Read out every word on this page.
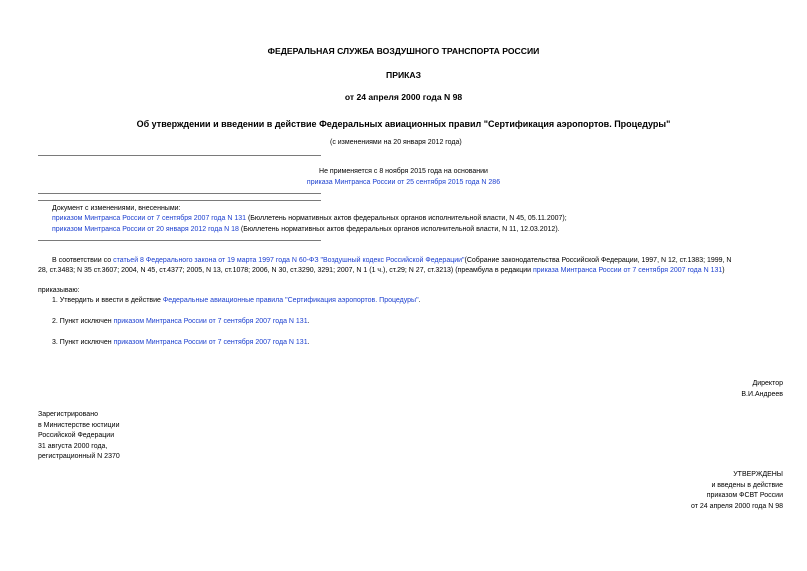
ФЕДЕРАЛЬНАЯ СЛУЖБА ВОЗДУШНОГО ТРАНСПОРТА РОССИИ
ПРИКАЗ
от 24 апреля 2000 года N 98
Об утверждении и введении в действие Федеральных авиационных правил "Сертификация аэропортов. Процедуры"
(с изменениями на 20 января 2012 года)
Не применяется с 8 ноября 2015 года на основании
приказа Минтранса России от 25 сентября 2015 года N 286
Документ с изменениями, внесенными:
приказом Минтранса России от 7 сентября 2007 года N 131 (Бюллетень нормативных актов федеральных органов исполнительной власти, N 45, 05.11.2007);
приказом Минтранса России от 20 января 2012 года N 18 (Бюллетень нормативных актов федеральных органов исполнительной власти, N 11, 12.03.2012).
В соответствии со статьей 8 Федерального закона от 19 марта 1997 года N 60-ФЗ "Воздушный кодекс Российской Федерации"(Собрание законодательства Российской Федерации, 1997, N 12, ст.1383; 1999, N
28, ст.3483; N 35 ст.3607; 2004, N 45, ст.4377; 2005, N 13, ст.1078; 2006, N 30, ст.3290, 3291; 2007, N 1 (1 ч.), ст.29; N 27, ст.3213) (преамбула в редакции приказа Минтранса России от 7 сентября 2007 года N 131)
приказываю:
1. Утвердить и ввести в действие Федеральные авиационные правила "Сертификация аэропортов. Процедуры".
2. Пункт исключен приказом Минтранса России от 7 сентября 2007 года N 131.
3. Пункт исключен приказом Минтранса России от 7 сентября 2007 года N 131.
Директор
В.И.Андреев
Зарегистрировано
в Министерстве юстиции
Российской Федерации
31 августа 2000 года,
регистрационный N 2370
УТВЕРЖДЕНЫ
и введены в действие
приказом ФСВТ России
от 24 апреля 2000 года N 98
